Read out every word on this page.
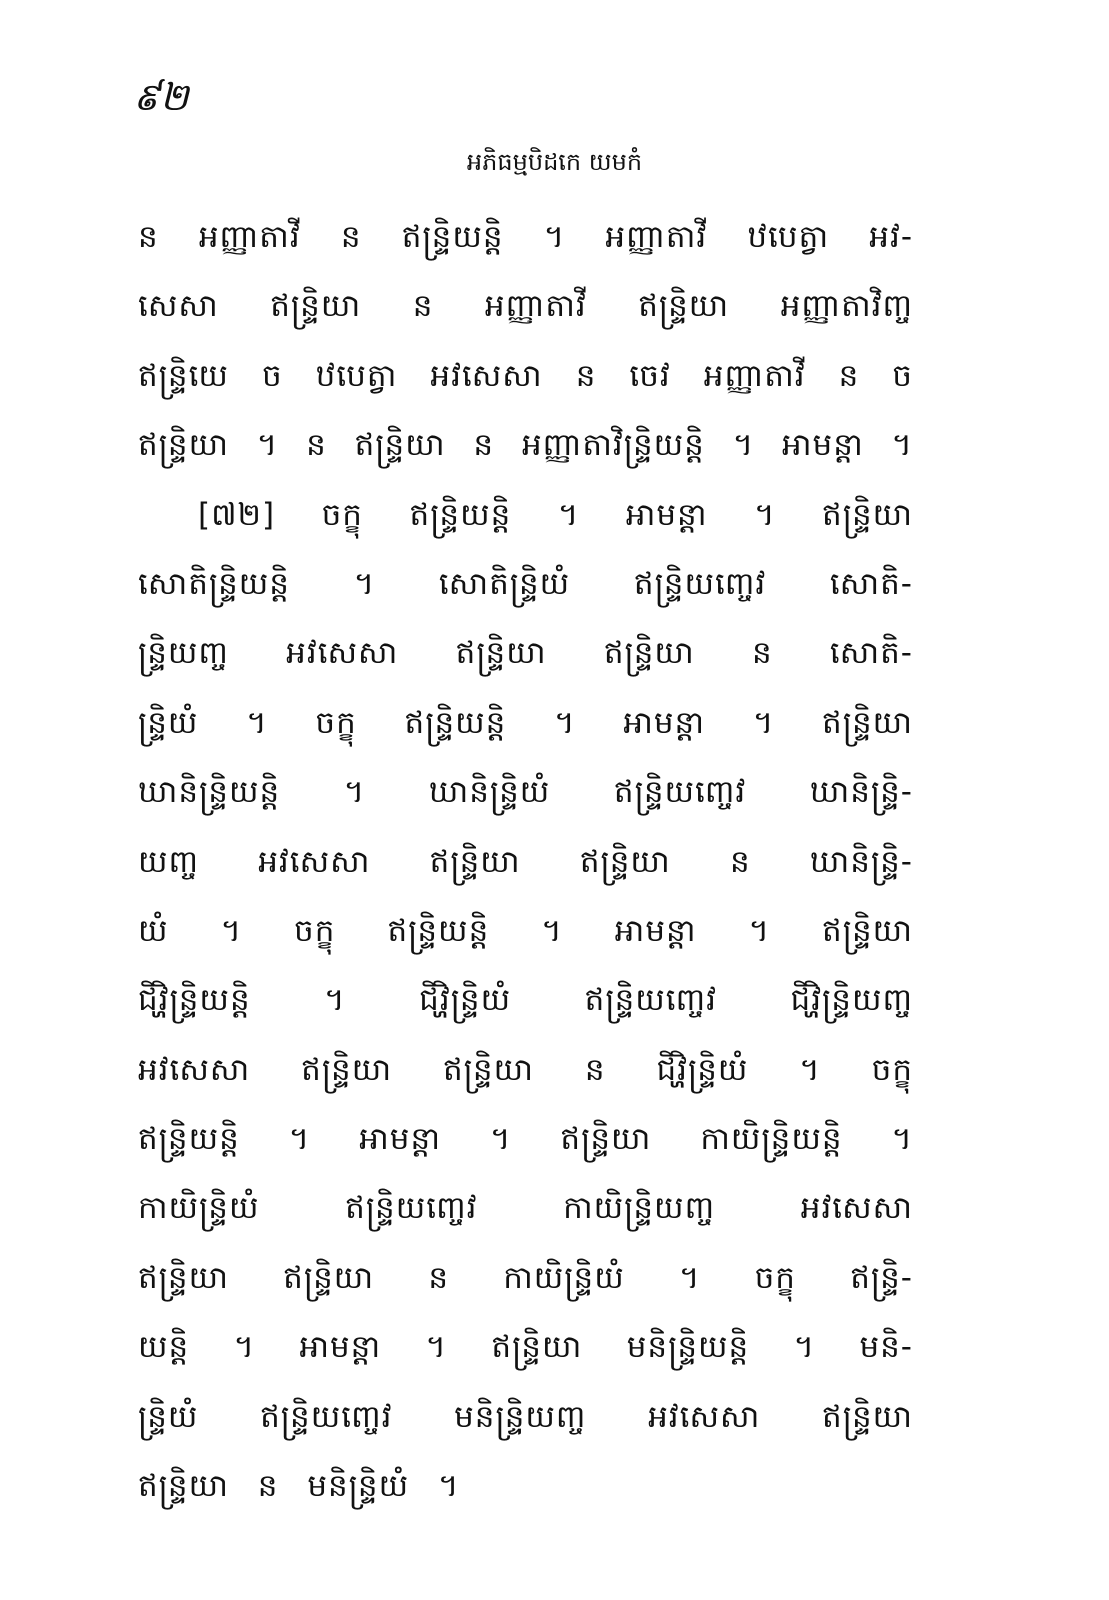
៩២
អភិធម្មបិដកេ យមកំ
ន អញ្ញាតាវី ន ឥន្ទ្រិយន្តិ ។ អញ្ញាតាវី ឋបេត្វា អវ-
សេសា ឥន្ទ្រិយា ន អញ្ញាតាវី ឥន្ទ្រិយា អញ្ញាតាវិញ្ច
ឥន្ទ្រិយេ ច ឋបេត្វា អវសេសា ន ចេវ អញ្ញាតាវី ន ច
ឥន្ទ្រិយា ។ ន ឥន្ទ្រិយា ន អញ្ញាតាវិន្ទ្រិយន្តិ ។ អាមន្តា ។
[៧២] ចក្ខុ ឥន្ទ្រិយន្តិ ។ អាមន្តា ។ ឥន្ទ្រិយា
សោតិន្ទ្រិយន្តិ ។ សោតិន្ទ្រិយំ ឥន្ទ្រិយញ្ចេវ សោតិ-
ន្ទ្រិយញ្ច អវសេសា ឥន្ទ្រិយា ឥន្ទ្រិយា ន សោតិ-
ន្ទ្រិយំ ។ ចក្ខុ ឥន្ទ្រិយន្តិ ។ អាមន្តា ។ ឥន្ទ្រិយា
ឃានិន្ទ្រិយន្តិ ។ ឃានិន្ទ្រិយំ ឥន្ទ្រិយញ្ចេវ ឃានិន្ទ្រិ-
យញ្ច អវសេសា ឥន្ទ្រិយា ឥន្ទ្រិយា ន ឃានិន្ទ្រិ-
យំ ។ ចក្ខុ ឥន្ទ្រិយន្តិ ។ អាមន្តា ។ ឥន្ទ្រិយា
ជិវ្ហិន្ទ្រិយន្តិ ។ ជិវ្ហិន្ទ្រិយំ ឥន្ទ្រិយញ្ចេវ ជិវ្ហិន្ទ្រិយញ្ច
អវសេសា ឥន្ទ្រិយា ឥន្ទ្រិយា ន ជិវ្ហិន្ទ្រិយំ ។ ចក្ខុ
ឥន្ទ្រិយន្តិ ។ អាមន្តា ។ ឥន្ទ្រិយា កាយិន្ទ្រិយន្តិ ។
កាយិន្ទ្រិយំ ឥន្ទ្រិយញ្ចេវ កាយិន្ទ្រិយញ្ច អវសេសា
ឥន្ទ្រិយា ឥន្ទ្រិយា ន កាយិន្ទ្រិយំ ។ ចក្ខុ ឥន្ទ្រិ-
យន្តិ ។ អាមន្តា ។ ឥន្ទ្រិយា មនិន្ទ្រិយន្តិ ។ មនិ-
ន្ទ្រិយំ ឥន្ទ្រិយញ្ចេវ មនិន្ទ្រិយញ្ច អវសេសា ឥន្ទ្រិយា
ឥន្ទ្រិយា ន មនិន្ទ្រិយំ ។
